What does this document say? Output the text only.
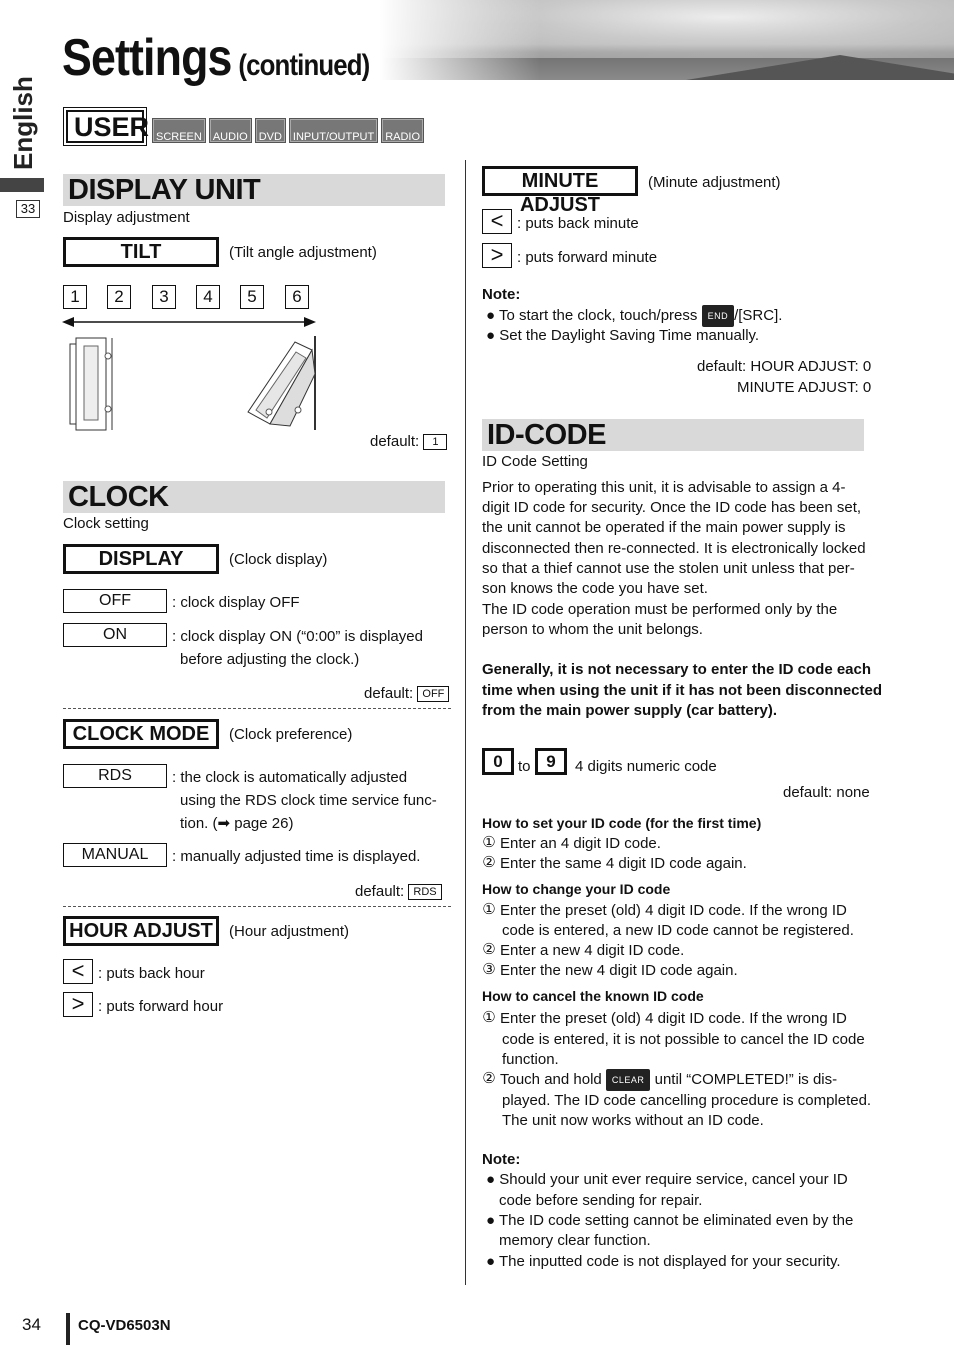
Settings (continued)
English
33
USER SCREEN	AUDIO	DVD	INPUT/OUTPUT	RADIO
DISPLAY UNIT
Display adjustment
TILT	(Tilt angle adjustment)
1	2	3	4	5	6
default: 1
CLOCK
Clock setting
DISPLAY	(Clock display)
OFF	: clock display OFF
ON	: clock display ON (“0:00” is displayed
before adjusting the clock.)
default: OFF
CLOCK MODE	(Clock preference)
RDS	: the clock is automatically adjusted
using the RDS clock time service func-
tion. (➡ page 26)
MANUAL	: manually adjusted time is displayed.
default: RDS
HOUR ADJUST	(Hour adjustment)
< : puts back hour
> : puts forward hour
MINUTE ADJUST
(Minute adjustment)
< : puts back minute
> : puts forward minute
Note:
● To start the clock, touch/press END /[SRC].
● Set the Daylight Saving Time manually.
default: HOUR ADJUST: 0
MINUTE ADJUST: 0
ID-CODE
ID Code Setting
Prior to operating this unit, it is advisable to assign a 4-
digit ID code for security. Once the ID code has been set,
the unit cannot be operated if the main power supply is
disconnected then re-connected. It is electronically locked
so that a thief cannot use the stolen unit unless that per-
son knows the code you have set.
The ID code operation must be performed only by the
person to whom the unit belongs.
Generally, it is not necessary to enter the ID code each
time when using the unit if it has not been disconnected
from the main power supply (car battery).
0	to 9	4 digits numeric code
default: none
How to set your ID code (for the first time)
① Enter an 4 digit ID code.
② Enter the same 4 digit ID code again.
How to change your ID code
① Enter the preset (old) 4 digit ID code. If the wrong ID
code is entered, a new ID code cannot be registered.
② Enter a new 4 digit ID code.
③ Enter the new 4 digit ID code again.
How to cancel the known ID code
① Enter the preset (old) 4 digit ID code. If the wrong ID
code is entered, it is not possible to cancel the ID code
function.
② Touch and hold CLEAR until “COMPLETED!” is dis-
played. The ID code cancelling procedure is completed.
The unit now works without an ID code.
Note:
● Should your unit ever require service, cancel your ID
code before sending for repair.
● The ID code setting cannot be eliminated even by the
memory clear function.
● The inputted code is not displayed for your security.
34 CQ-VD6503N
